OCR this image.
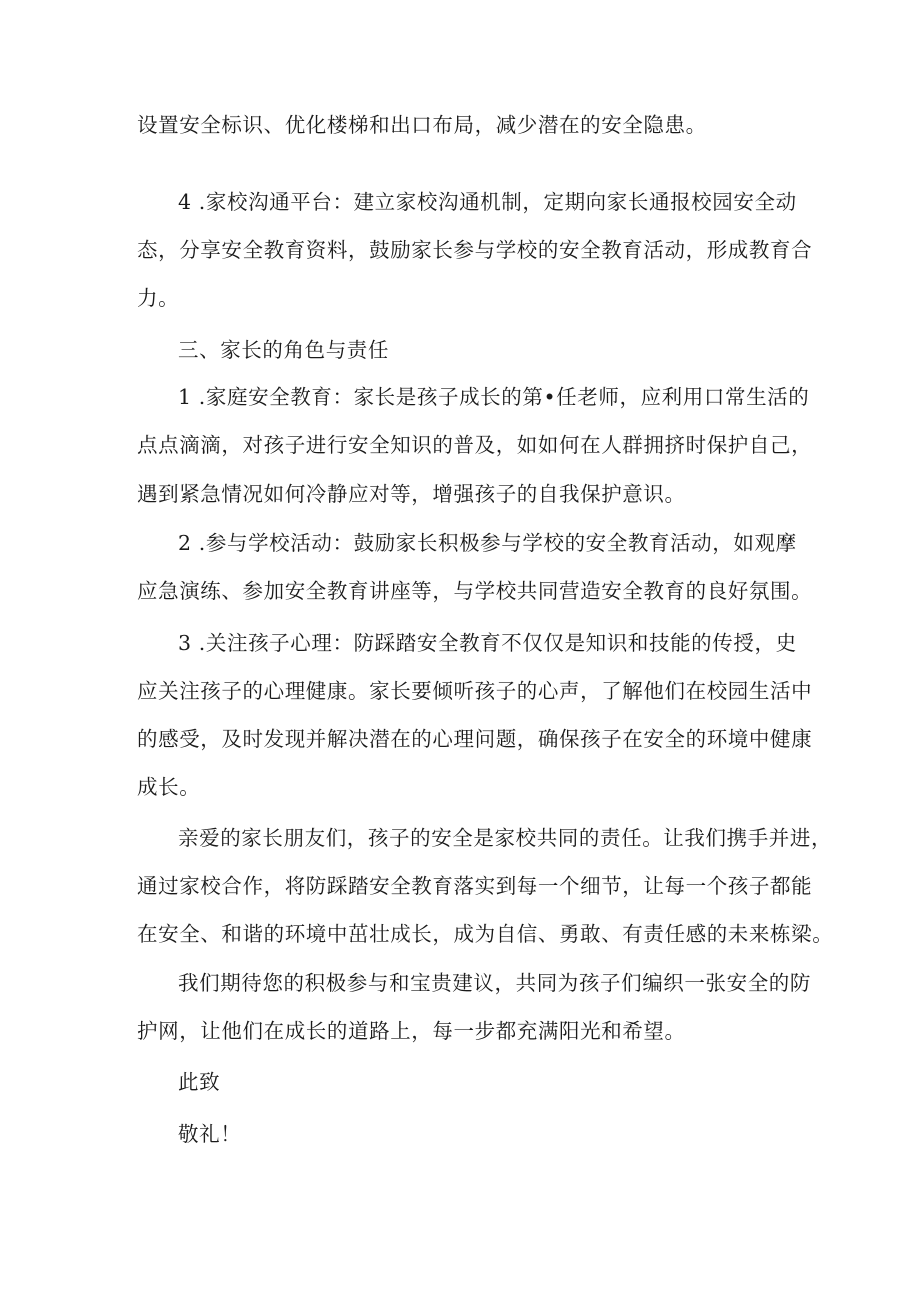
设置安全标识、优化楼梯和出口布局，减少潜在的安全隐患。
4 .家校沟通平台：建立家校沟通机制，定期向家长通报校园安全动
态，分享安全教育资料，鼓励家长参与学校的安全教育活动，形成教育合
力。
三、家长的角色与责任
1 .家庭安全教育：家长是孩子成长的第•任老师，应利用口常生活的
点点滴滴，对孩子进行安全知识的普及，如如何在人群拥挤时保护自己，
遇到紧急情况如何冷静应对等，增强孩子的自我保护意识。
2 .参与学校活动：鼓励家长积极参与学校的安全教育活动，如观摩
应急演练、参加安全教育讲座等，与学校共同营造安全教育的良好氛围。
3 .关注孩子心理：防踩踏安全教育不仅仅是知识和技能的传授，史
应关注孩子的心理健康。家长要倾听孩子的心声，了解他们在校园生活中
的感受，及时发现并解决潜在的心理问题，确保孩子在安全的环境中健康
成长。
亲爱的家长朋友们，孩子的安全是家校共同的责任。让我们携手并进，
通过家校合作，将防踩踏安全教育落实到每一个细节，让每一个孩子都能
在安全、和谐的环境中茁壮成长，成为自信、勇敢、有责任感的未来栋梁。
我们期待您的积极参与和宝贵建议，共同为孩子们编织一张安全的防
护网，让他们在成长的道路上，每一步都充满阳光和希望。
此致
敬礼！
